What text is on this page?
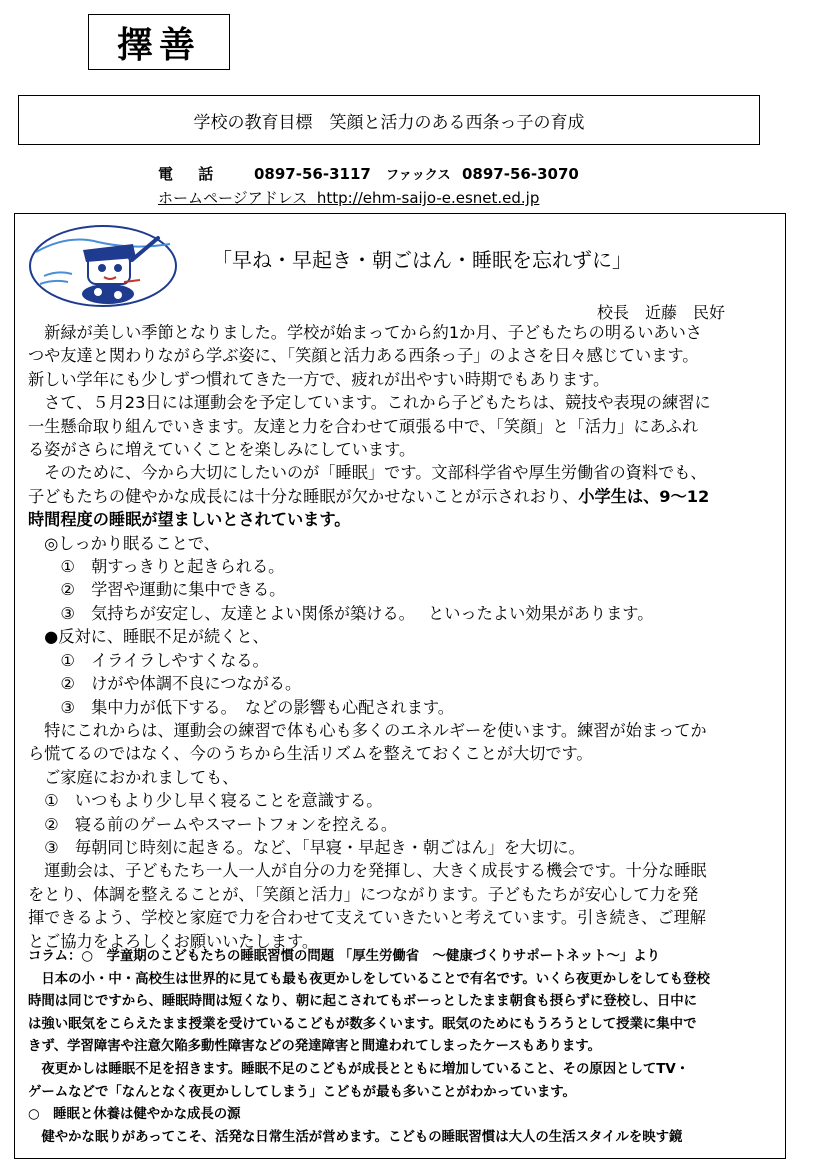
擇善
学校の教育目標　笑顔と活力のある西条っ子の育成
電 話 0897-56-3117 ファックス 0897-56-3070
ホームページアドレス http://ehm-saijo-e.esnet.ed.jp
「早ね・早起き・朝ごはん・睡眠を忘れずに」
校長　近藤　民好

　新緑が美しい季節となりました。学校が始まってから約1か月、子どもたちの明るいあいさ

つや友達と関わりながら学ぶ姿に、「笑顔と活力ある西条っ子」のよさを日々感じています。

新しい学年にも少しずつ慣れてきた一方で、疲れが出やすい時期でもあります。

　さて、５月23日には運動会を予定しています。これから子どもたちは、競技や表現の練習に

一生懸命取り組んでいきます。友達と力を合わせて頑張る中で、「笑顔」と「活力」にあふれ

る姿がさらに増えていくことを楽しみにしています。

　そのために、今から大切にしたいのが「睡眠」です。文部科学省や厚生労働省の資料でも、

子どもたちの健やかな成長には十分な睡眠が欠かせないことが示されおり、小学生は、9～12

時間程度の睡眠が望ましいとされています。

　◎しっかり眠ることで、

　　①　朝すっきりと起きられる。

　　②　学習や運動に集中できる。

　　③　気持ちが安定し、友達とよい関係が築ける。　 といったよい効果があります。

　●反対に、睡眠不足が続くと、

　　①　イライラしやすくなる。

　　②　けがや体調不良につながる。

　　③　集中力が低下する。　などの影響も心配されます。

　特にこれからは、運動会の練習で体も心も多くのエネルギーを使います。練習が始まってか

ら慌てるのではなく、今のうちから生活リズムを整えておくことが大切です。

　ご家庭におかれましても、

　①　いつもより少し早く寝ることを意識する。

　②　寝る前のゲームやスマートフォンを控える。

　③　毎朝同じ時刻に起きる。など、「早寝・早起き・朝ごはん」を大切に。

　運動会は、子どもたち一人一人が自分の力を発揮し、大きく成長する機会です。十分な睡眠

をとり、体調を整えることが、「笑顔と活力」につながります。子どもたちが安心して力を発

揮できるよう、学校と家庭で力を合わせて支えていきたいと考えています。引き続き、ご理解

とご協力をよろしくお願いいたします。

コラム：○　学童期のこどもたちの睡眠習慣の問題 「厚生労働省　～健康づくりサポートネット～」より

　日本の小・中・高校生は世界的に見ても最も夜更かしをしていることで有名です。いくら夜更かしをしても登校

時間は同じですから、睡眠時間は短くなり、朝に起こされてもボーっとしたまま朝食も摂らずに登校し、日中に

は強い眠気をこらえたまま授業を受けているこどもが数多くいます。眠気のためにもうろうとして授業に集中で

きず、学習障害や注意欠陥多動性障害などの発達障害と間違われてしまったケースもあります。

　夜更かしは睡眠不足を招きます。睡眠不足のこどもが成長とともに増加していること、その原因としてTV・

ゲームなどで「なんとなく夜更かししてしまう」こどもが最も多いことがわかっています。

○　睡眠と休養は健やかな成長の源

　健やかな眠りがあってこそ、活発な日常生活が営めます。こどもの睡眠習慣は大人の生活スタイルを映す鏡
